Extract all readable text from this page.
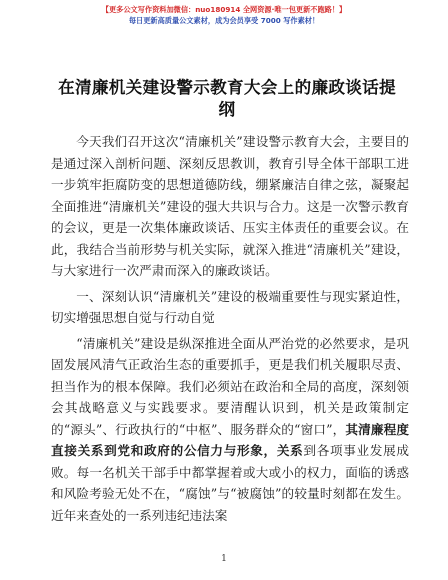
【更多公文写作资料加微信：nuo180914 全网资源·唯一包更新不跑路！】
每日更新高质量公文素材，成为会员享受 7000 写作素材！
在清廉机关建设警示教育大会上的廉政谈话提纲

今天我们召开这次“清廉机关”建设警示教育大会，主要目的是通过深入剖析问题、深刻反思教训，教育引导全体干部职工进一步筑牢拒腐防变的思想道德防线，绷紧廉洁自律之弦，凝聚起全面推进“清廉机关”建设的强大共识与合力。这是一次警示教育的会议，更是一次集体廉政谈话、压实主体责任的重要会议。在此，我结合当前形势与机关实际，就深入推进“清廉机关”建设，与大家进行一次严肃而深入的廉政谈话。

一、深刻认识“清廉机关”建设的极端重要性与现实紧迫性，切实增强思想自觉与行动自觉

“清廉机关”建设是纵深推进全面从严治党的必然要求，是巩固发展风清气正政治生态的重要抓手，更是我们机关履职尽责、担当作为的根本保障。我们必须站在政治和全局的高度，深刻领会其战略意义与实践要求。要清醒认识到，机关是政策制定的“源头”、行政执行的“中枢”、服务群众的“窗口”，其清廉程度直接关系到党和政府的公信力与形象，关系到各项事业发展成败。每一名机关干部手中都掌握着或大或小的权力，面临的诱惑和风险考验无处不在，“腐蚀”与“被腐蚀”的较量时刻都在发生。近年来查处的一系列违纪违法案

1
